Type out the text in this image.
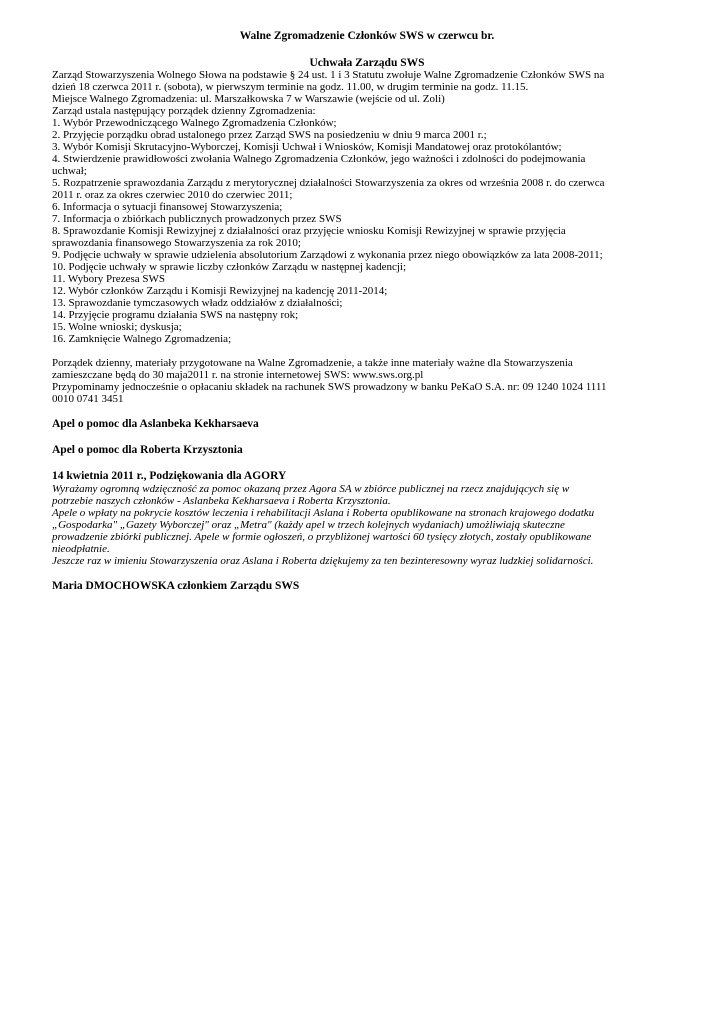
Walne Zgromadzenie Członków SWS w czerwcu br.
Uchwała Zarządu SWS
Zarząd Stowarzyszenia Wolnego Słowa na podstawie § 24 ust. 1 i 3 Statutu zwołuje Walne Zgromadzenie Członków SWS na
dzień 18 czerwca 2011 r. (sobota), w pierwszym terminie na godz. 11.00, w drugim terminie na godz. 11.15.
Miejsce Walnego Zgromadzenia: ul. Marszałkowska 7 w Warszawie (wejście od ul. Zoli)
Zarząd ustala następujący porządek dzienny Zgromadzenia:
1. Wybór Przewodniczącego Walnego Zgromadzenia Członków;
2. Przyjęcie porządku obrad ustalonego przez Zarząd SWS na posiedzeniu w dniu 9 marca 2001 r.;
3. Wybór Komisji Skrutacyjno-Wyborczej, Komisji Uchwał i Wniosków, Komisji Mandatowej oraz protokólantów;
4. Stwierdzenie prawidłowości zwołania Walnego Zgromadzenia Członków, jego ważności i zdolności do podejmowania
uchwał;
5. Rozpatrzenie sprawozdania Zarządu z merytorycznej działalności Stowarzyszenia za okres od września 2008 r. do czerwca
2011 r. oraz za okres czerwiec 2010 do czerwiec 2011;
6. Informacja o sytuacji finansowej Stowarzyszenia;
7. Informacja o zbiórkach publicznych prowadzonych przez SWS
8. Sprawozdanie Komisji Rewizyjnej z działalności oraz przyjęcie wniosku Komisji Rewizyjnej w sprawie przyjęcia
sprawozdania finansowego Stowarzyszenia za rok 2010;
9. Podjęcie uchwały w sprawie udzielenia absolutorium Zarządowi z wykonania przez niego obowiązków za lata 2008-2011;
10. Podjęcie uchwały w sprawie liczby członków Zarządu w następnej kadencji;
11. Wybory Prezesa SWS
12. Wybór członków Zarządu i Komisji Rewizyjnej na kadencję 2011-2014;
13. Sprawozdanie tymczasowych władz oddziałów z działalności;
14. Przyjęcie programu działania SWS na następny rok;
15. Wolne wnioski; dyskusja;
16. Zamknięcie Walnego Zgromadzenia;
Porządek dzienny, materiały przygotowane na Walne Zgromadzenie, a także inne materiały ważne dla Stowarzyszenia
zamieszczane będą do 30 maja2011 r. na stronie internetowej SWS: www.sws.org.pl
Przypominamy jednocześnie o opłacaniu składek na rachunek SWS prowadzony w banku PeKaO S.A. nr: 09 1240 1024 1111
0010 0741 3451
Apel o pomoc dla Aslanbeka Kekharsaeva
Apel o pomoc dla Roberta Krzysztonia
14 kwietnia 2011 r., Podziękowania dla AGORY
Wyrażamy ogromną wdzięczność za pomoc okazaną przez Agora SA w zbiórce publicznej na rzecz znajdujących się w
potrzebie naszych członków - Aslanbeka Kekharsaeva i Roberta Krzysztonia.
Apele o wpłaty na pokrycie kosztów leczenia i rehabilitacji Aslana i Roberta opublikowane na stronach krajowego dodatku
„Gospodarka" „Gazety Wyborczej" oraz „Metra" (każdy apel w trzech kolejnych wydaniach) umożliwiają skuteczne
prowadzenie zbiórki publicznej. Apele w formie ogłoszeń, o przybliżonej wartości 60 tysięcy złotych, zostały opublikowane
nieodpłatnie.
Jeszcze raz w imieniu Stowarzyszenia oraz Aslana i Roberta dziękujemy za ten bezinteresowny wyraz ludzkiej solidarności.
Maria DMOCHOWSKA członkiem Zarządu SWS
